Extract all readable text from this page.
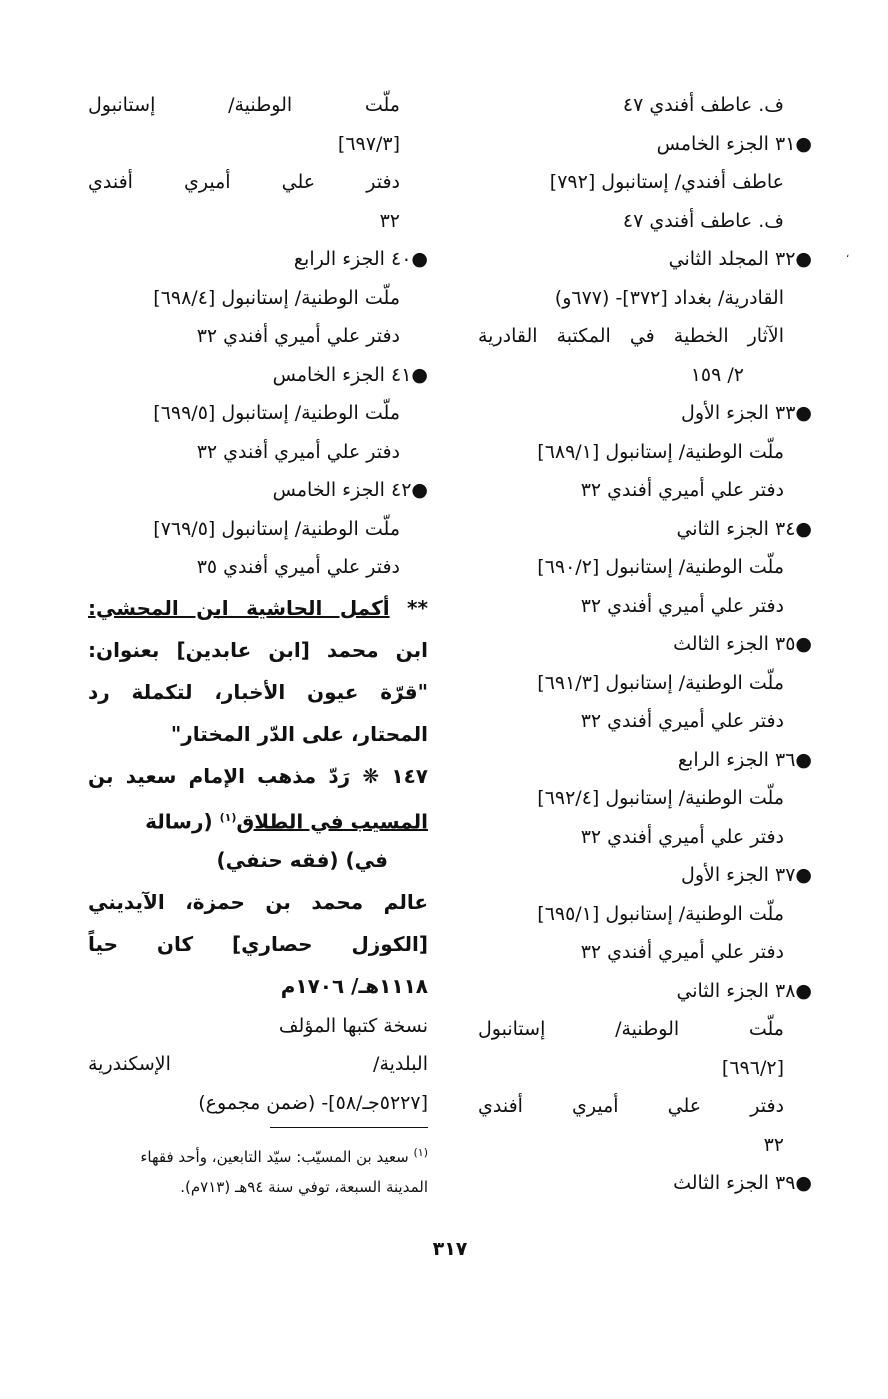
ف. عاطف أفندي ٤٧
●٣١ الجزء الخامس
عاطف أفندي/ إستانبول [٧٩٢]
ف. عاطف أفندي ٤٧
●٣٢ المجلد الثاني
القادرية/ بغداد [٣٧٢]- (٦٧٧و)
الآثار الخطية في المكتبة القادرية
٢/ ١٥٩
●٣٣ الجزء الأول
ملّت الوطنية/ إستانبول [٦٨٩/١]
دفتر علي أميري أفندي ٣٢
●٣٤ الجزء الثاني
ملّت الوطنية/ إستانبول [٦٩٠/٢]
دفتر علي أميري أفندي ٣٢
●٣٥ الجزء الثالث
ملّت الوطنية/ إستانبول [٦٩١/٣]
دفتر علي أميري أفندي ٣٢
●٣٦ الجزء الرابع
ملّت الوطنية/ إستانبول [٦٩٢/٤]
دفتر علي أميري أفندي ٣٢
●٣٧ الجزء الأول
ملّت الوطنية/ إستانبول [٦٩٥/١]
دفتر علي أميري أفندي ٣٢
●٣٨ الجزء الثاني
ملّت الوطنية/ إستانبول
[٦٩٦/٢]
دفتر علي أميري أفندي
٣٢
●٣٩ الجزء الثالث
ملّت الوطنية/ إستانبول
[٦٩٧/٣]
دفتر علي أميري أفندي
٣٢
●٤٠ الجزء الرابع
ملّت الوطنية/ إستانبول [٦٩٨/٤]
دفتر علي أميري أفندي ٣٢
●٤١ الجزء الخامس
ملّت الوطنية/ إستانبول [٦٩٩/٥]
دفتر علي أميري أفندي ٣٢
●٤٢ الجزء الخامس
ملّت الوطنية/ إستانبول [٧٦٩/٥]
دفتر علي أميري أفندي ٣٥
** أكمل الحاشية ابن المحشي:
ابن محمد [ابن عابدين] بعنوان:
"قرّة عيون الأخبار، لتكملة رد
المحتار، على الدّر المختار"
١٤٧ ❋ رَدّ مذهب الإمام سعيد بن
المسيب في الطلاق$^{(١)}$ (رسالة
في) (فقه حنفي)
عالم محمد بن حمزة، الآيديني
[الكوزل حصاري] كان حياً
١١١٨هـ/ ١٧٠٦م
نسخة كتبها المؤلف
البلدية/ الإسكندرية
[٥٢٢٧جـ/٥٨]- (ضمن مجموع)
$^{(١)}$ سعيد بن المسيّب: سيّد التابعين، وأحد فقهاء
المدينة السبعة، توفي سنة ٩٤هـ (٧١٣م).
٣١٧
،
